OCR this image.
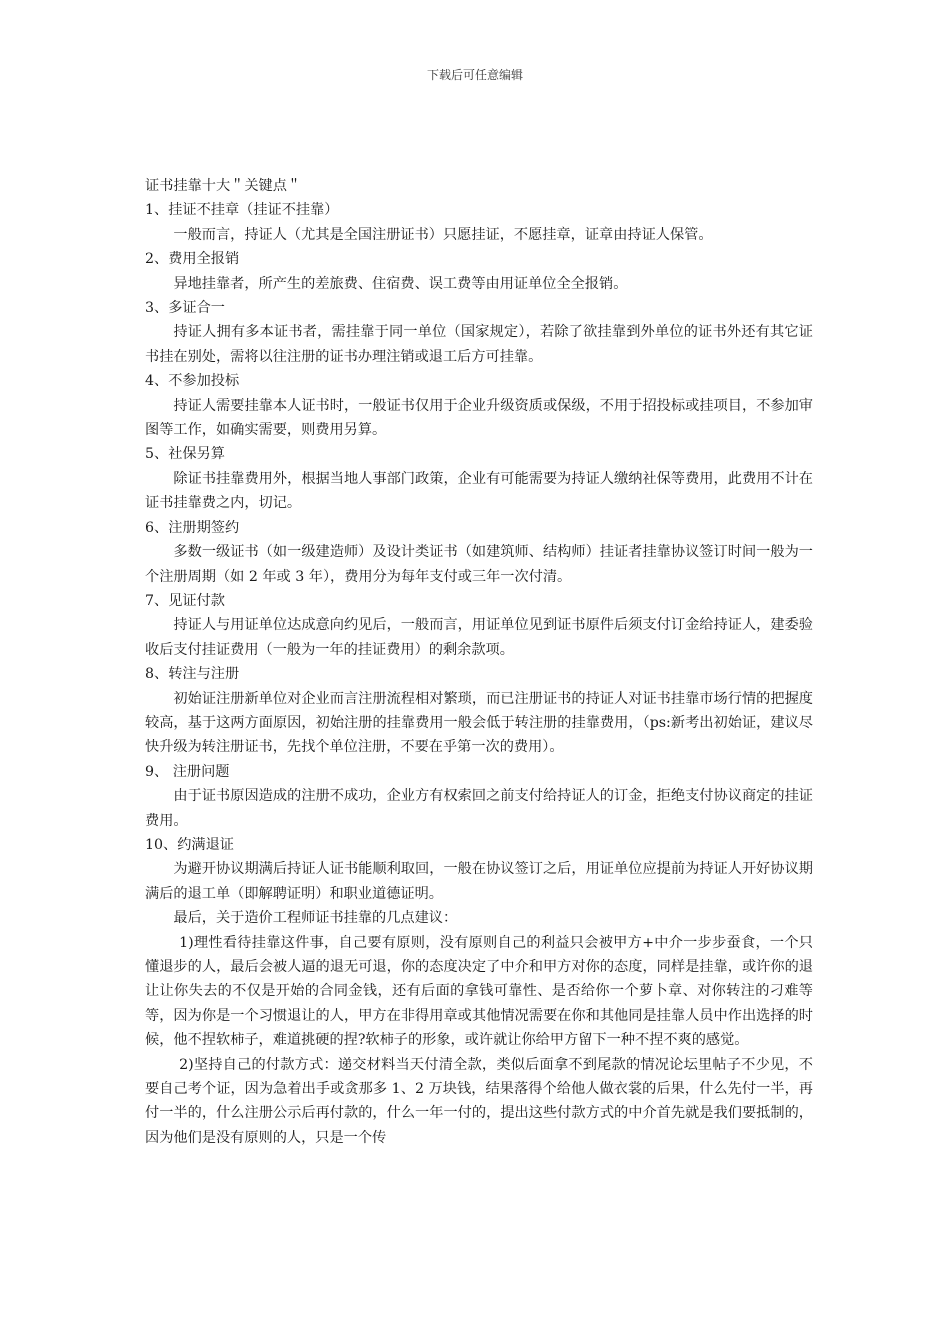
下载后可任意编辑

证书挂靠十大＂关键点＂

1、挂证不挂章（挂证不挂靠）

一般而言，持证人（尤其是全国注册证书）只愿挂证，不愿挂章，证章由持证人保管。

2、费用全报销

异地挂靠者，所产生的差旅费、住宿费、误工费等由用证单位全全报销。

3、多证合一

持证人拥有多本证书者，需挂靠于同一单位（国家规定），若除了欲挂靠到外单位的证书外还有其它证书挂在别处，需将以往注册的证书办理注销或退工后方可挂靠。

4、不参加投标

持证人需要挂靠本人证书时，一般证书仅用于企业升级资质或保级，不用于招投标或挂项目，不参加审图等工作，如确实需要，则费用另算。

5、社保另算

除证书挂靠费用外，根据当地人事部门政策，企业有可能需要为持证人缴纳社保等费用，此费用不计在证书挂靠费之内，切记。

6、注册期签约

多数一级证书（如一级建造师）及设计类证书（如建筑师、结构师）挂证者挂靠协议签订时间一般为一个注册周期（如 2 年或 3 年），费用分为每年支付或三年一次付清。

7、见证付款

持证人与用证单位达成意向约见后，一般而言，用证单位见到证书原件后须支付订金给持证人，建委验收后支付挂证费用（一般为一年的挂证费用）的剩余款项。

8、转注与注册

初始证注册新单位对企业而言注册流程相对繁琐，而已注册证书的持证人对证书挂靠市场行情的把握度较高，基于这两方面原因，初始注册的挂靠费用一般会低于转注册的挂靠费用，（ps:新考出初始证，建议尽快升级为转注册证书，先找个单位注册，不要在乎第一次的费用）。

9、 注册问题

由于证书原因造成的注册不成功，企业方有权索回之前支付给持证人的订金，拒绝支付协议商定的挂证费用。

10、约满退证

为避开协议期满后持证人证书能顺利取回，一般在协议签订之后，用证单位应提前为持证人开好协议期满后的退工单（即解聘证明）和职业道德证明。

最后，关于造价工程师证书挂靠的几点建议：

1)理性看待挂靠这件事，自己要有原则，没有原则自己的利益只会被甲方+中介一步步蚕食，一个只懂退步的人，最后会被人逼的退无可退，你的态度决定了中介和甲方对你的态度，同样是挂靠，或许你的退让让你失去的不仅是开始的合同金钱，还有后面的拿钱可靠性、是否给你一个萝卜章、对你转注的刁难等等，因为你是一个习惯退让的人，甲方在非得用章或其他情况需要在你和其他同是挂靠人员中作出选择的时候，他不捏软柿子，难道挑硬的捏?软柿子的形象，或许就让你给甲方留下一种不捏不爽的感觉。

2)坚持自己的付款方式：递交材料当天付清全款，类似后面拿不到尾款的情况论坛里帖子不少见，不要自己考个证，因为急着出手或贪那多 1、2 万块钱，结果落得个给他人做衣裳的后果，什么先付一半，再付一半的，什么注册公示后再付款的，什么一年一付的，提出这些付款方式的中介首先就是我们要抵制的，因为他们是没有原则的人，只是一个传
